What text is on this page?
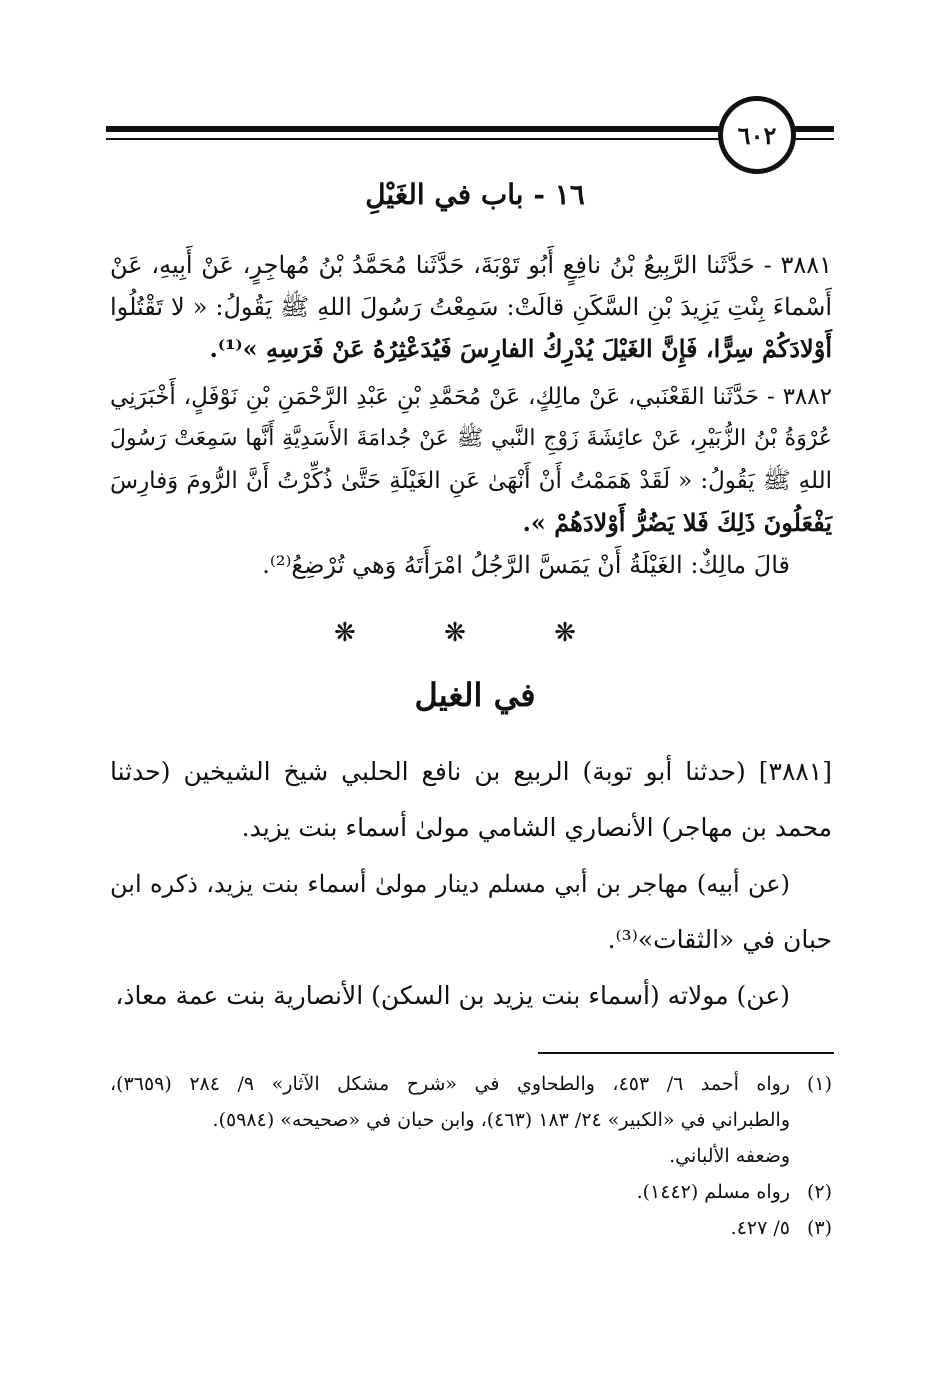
٦٠٢
١٦ - باب في الغَيْلِ
٣٨٨١ - حَدَّثَنا الرَّبِيعُ بْنُ نافِعٍ أَبُو تَوْبَةَ، حَدَّثَنا مُحَمَّدُ بْنُ مُهاجِرٍ، عَنْ أَبِيهِ، عَنْ
أَسْماءَ بِنْتِ يَزِيدَ بْنِ السَّكَنِ قالَتْ: سَمِعْتُ رَسُولَ اللهِ ﷺ يَقُولُ: « لا تَقْتُلُوا
أَوْلادَكُمْ سِرًّا، فَإِنَّ الغَيْلَ يُدْرِكُ الفارِسَ فَيُدَعْثِرُهُ عَنْ فَرَسِهِ »⁽¹⁾.
٣٨٨٢ - حَدَّثَنا القَعْنَبي، عَنْ مالِكٍ، عَنْ مُحَمَّدِ بْنِ عَبْدِ الرَّحْمَنِ بْنِ نَوْفَلٍ، أَخْبَرَنِي
عُرْوَةُ بْنُ الزُّبَيْرِ، عَنْ عائِشَةَ زَوْجِ النَّبي ﷺ عَنْ جُدامَةَ الأَسَدِيَّةِ أَنَّها سَمِعَتْ رَسُولَ
اللهِ ﷺ يَقُولُ: « لَقَدْ هَمَمْتُ أَنْ أَنْهَىٰ عَنِ الغَيْلَةِ حَتَّىٰ ذُكِّرْتُ أَنَّ الرُّومَ وَفارِسَ
يَفْعَلُونَ ذَلِكَ فَلا يَضُرُّ أَوْلادَهُمْ ».
قالَ مالِكٌ: الغَيْلَةُ أَنْ يَمَسَّ الرَّجُلُ امْرَأَتَهُ وَهي تُرْضِعُ⁽²⁾.
❋ ❋ ❋
في الغيل
[٣٨٨١] (حدثنا أبو توبة) الربيع بن نافع الحلبي شيخ الشيخين (حدثنا
محمد بن مهاجر) الأنصاري الشامي مولىٰ أسماء بنت يزيد.
(عن أبيه) مهاجر بن أبي مسلم دينار مولىٰ أسماء بنت يزيد، ذكره ابن
حبان في «الثقات»⁽³⁾.
(عن) مولاته (أسماء بنت يزيد بن السكن) الأنصارية بنت عمة معاذ،
(١)رواه أحمد ٦/ ٤٥٣، والطحاوي في «شرح مشكل الآثار» ٩/ ٢٨٤ (٣٦٥٩)،
والطبراني في «الكبير» ٢٤/ ١٨٣ (٤٦٣)، وابن حبان في «صحيحه» (٥٩٨٤).
وضعفه الألباني.
(٢)رواه مسلم (١٤٤٢).
(٣)٥/ ٤٢٧.
